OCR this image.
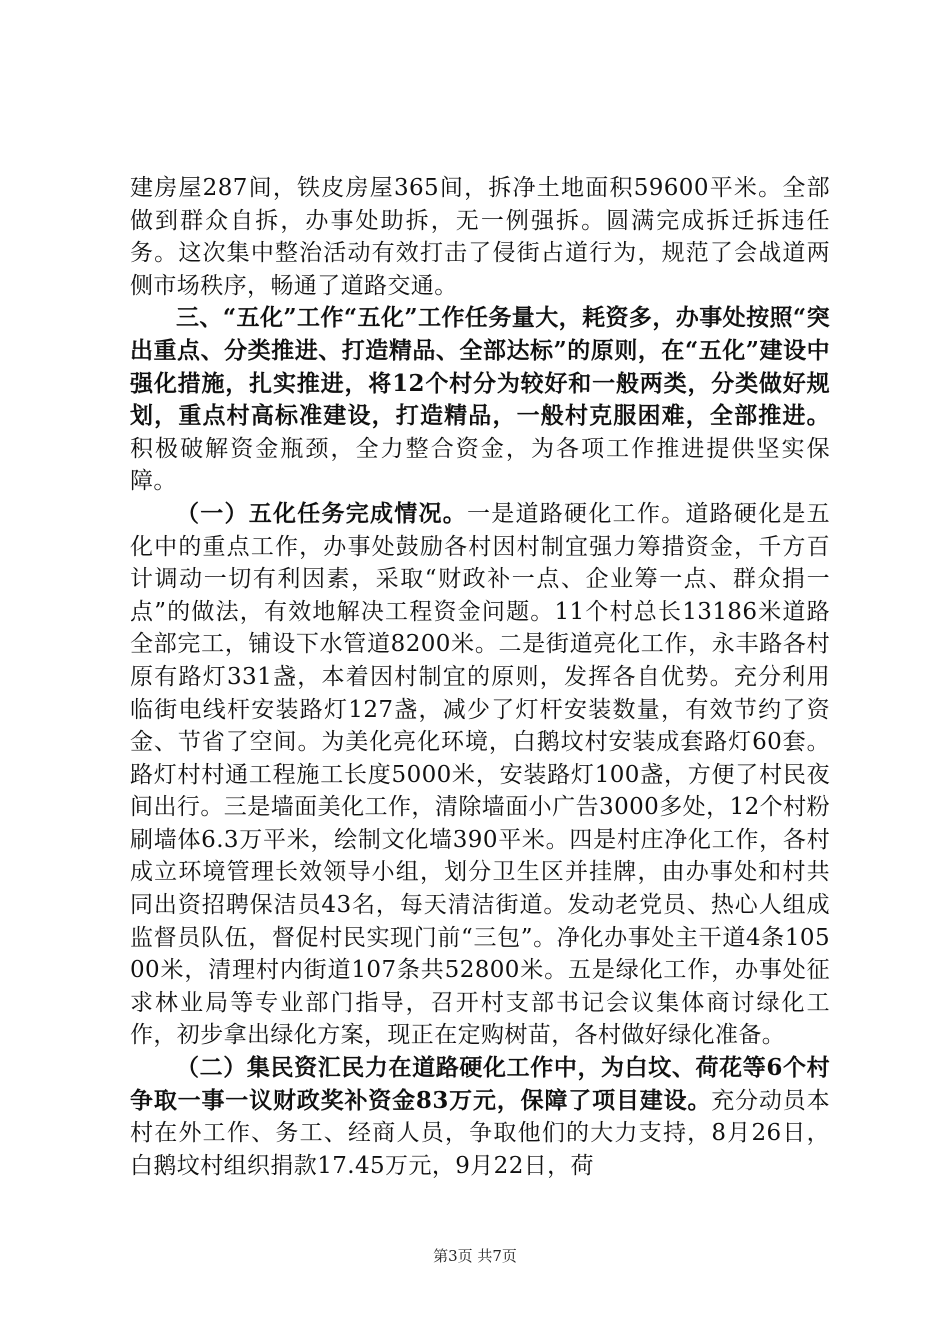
建房屋287间，铁皮房屋365间，拆净土地面积59600平米。全部做到群众自拆，办事处助拆，无一例强拆。圆满完成拆迁拆违任务。这次集中整治活动有效打击了侵街占道行为，规范了会战道两侧市场秩序，畅通了道路交通。

三、“五化”工作“五化”工作任务量大，耗资多，办事处按照“突出重点、分类推进、打造精品、全部达标”的原则，在“五化”建设中强化措施，扎实推进，将12个村分为较好和一般两类，分类做好规划，重点村高标准建设，打造精品，一般村克服困难，全部推进。积极破解资金瓶颈，全力整合资金，为各项工作推进提供坚实保障。

（一）五化任务完成情况。一是道路硬化工作。道路硬化是五化中的重点工作，办事处鼓励各村因村制宜强力筹措资金，千方百计调动一切有利因素，采取“财政补一点、企业筹一点、群众捐一点”的做法，有效地解决工程资金问题。11个村总长13186米道路全部完工，铺设下水管道8200米。二是街道亮化工作，永丰路各村原有路灯331盏，本着因村制宜的原则，发挥各自优势。充分利用临街电线杆安装路灯127盏，减少了灯杆安装数量，有效节约了资金、节省了空间。为美化亮化环境，白鹅坟村安装成套路灯60套。路灯村村通工程施工长度5000米，安装路灯100盏，方便了村民夜间出行。三是墙面美化工作，清除墙面小广告3000多处，12个村粉刷墙体6.3万平米，绘制文化墙390平米。四是村庄净化工作，各村成立环境管理长效领导小组，划分卫生区并挂牌，由办事处和村共同出资招聘保洁员43名，每天清洁街道。发动老党员、热心人组成监督员队伍，督促村民实现门前“三包”。净化办事处主干道4条10500米，清理村内街道107条共52800米。五是绿化工作，办事处征求林业局等专业部门指导，召开村支部书记会议集体商讨绿化工作，初步拿出绿化方案，现正在定购树苗，各村做好绿化准备。

（二）集民资汇民力在道路硬化工作中，为白坟、荷花等6个村争取一事一议财政奖补资金83万元，保障了项目建设。充分动员本村在外工作、务工、经商人员，争取他们的大力支持，8月26日，白鹅坟村组织捐款17.45万元，9月22日，荷

第3页 共7页
